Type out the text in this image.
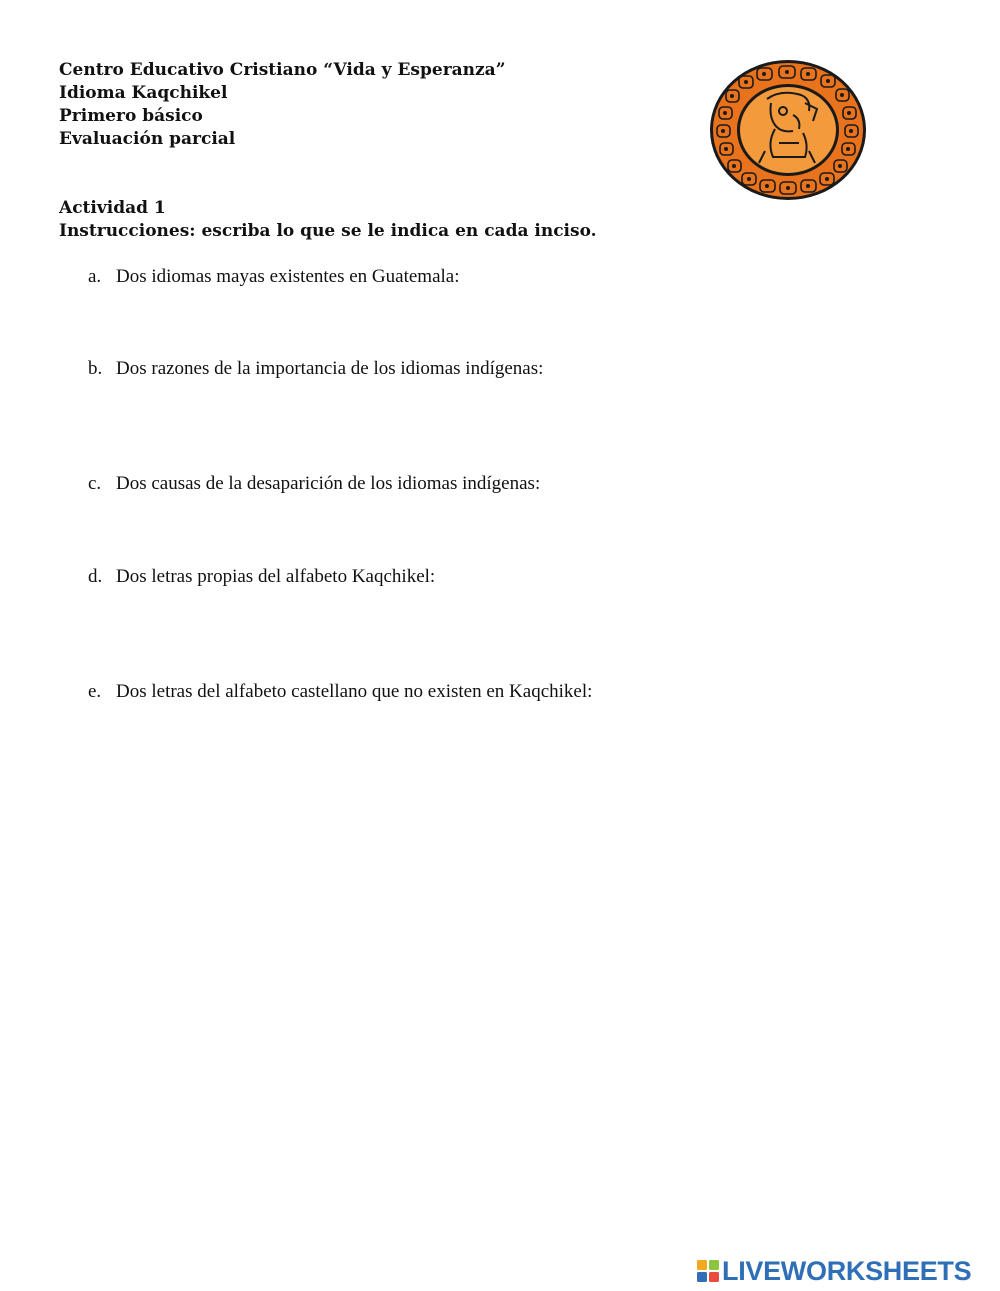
Centro Educativo Cristiano “Vida y Esperanza”
Idioma Kaqchikel
Primero básico
Evaluación parcial
Actividad 1
Instrucciones: escriba lo que se le indica en cada inciso.
a. Dos idiomas mayas existentes en Guatemala:
b. Dos razones de la importancia de los idiomas indígenas:
c. Dos causas de la desaparición de los idiomas indígenas:
d. Dos letras propias del alfabeto Kaqchikel:
e. Dos letras del alfabeto castellano que no existen en Kaqchikel:
LIVEWORKSHEETS
